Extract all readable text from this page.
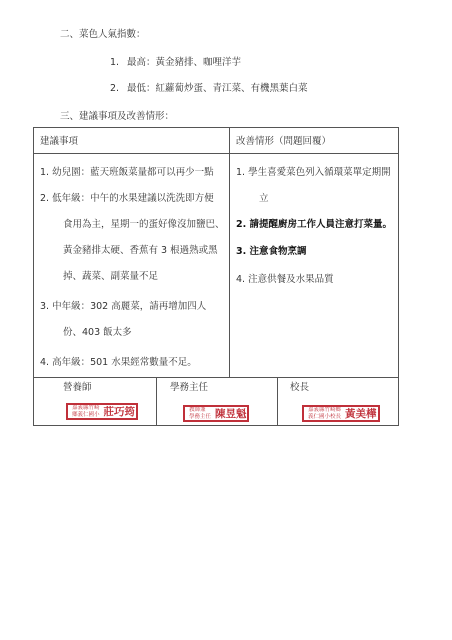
二、菜色人氣指數：
1. 最高：黃金豬排、咖哩洋芋
2. 最低：紅蘿蔔炒蛋、青江菜、有機黑葉白菜
三、建議事項及改善情形：
建議事項	改善情形（問題回覆）
1. 幼兒園：藍天班飯菜量都可以再少一點
2. 低年級：中午的水果建議以洗洗即方便
食用為主，星期一的蛋好像沒加鹽巴、
黃金豬排太硬、香蕉有 3 根過熟或黑
掉、蔬菜、副菜量不足
3. 中年級：302 高麗菜，請再增加四人
份、403 飯太多
4. 高年級：501 水果經常數量不足。
1. 學生喜愛菜色列入循環菜單定期開
立
2. 請提醒廚房工作人員注意打菜量。
3. 注意食物烹調
4. 注意供餐及水果品質
營養師	學務主任	校長
嘉義縣竹崎
鄉義仁國小 莊巧筠	教師兼
學務主任 陳昱魁	嘉義縣竹崎鄉
義仁國小校長 黃美樺
